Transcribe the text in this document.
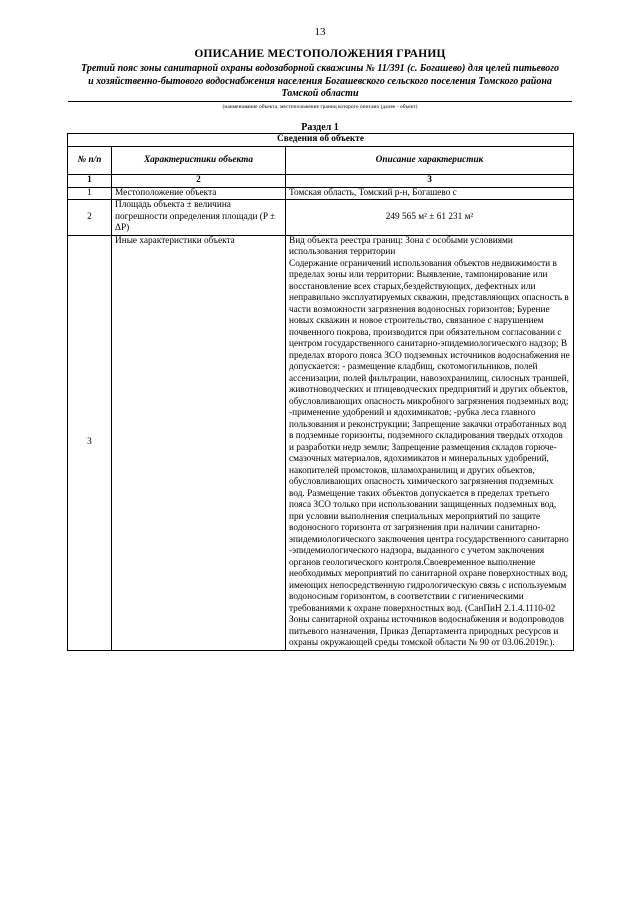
13
ОПИСАНИЕ МЕСТОПОЛОЖЕНИЯ ГРАНИЦ
Третий пояс зоны санитарной охраны водозаборной скважины № 11/391 (с. Богашево) для целей питьевого и хозяйственно-бытового водоснабжения населения Богашевского сельского поселения Томского района Томской области
(наименование объекта, местоположение границ которого описано (далее - объект)
Раздел 1
Сведения об объекте		
№ п/п	Характеристики объекта	Описание характеристик
1	2	3
1	Местоположение объекта	Томская область, Томский р-н, Богашево с
2	Площадь объекта ± величина погрешности определения площади (P ± ΔP)	249 565 м² ± 61 231 м²
3	Иные характеристики объекта	Вид объекта реестра границ: Зона с особыми условиями использования территории
Содержание ограничений использования объектов недвижимости в пределах зоны или территории: Выявление, тампонирование или восстановление всех старых,бездействующих, дефектных или неправильно эксплуатируемых скважин, представляющих опасность в части возможности загрязнения водоносных горизонтов; Бурение новых скважин и новое строительство, связанное с нарушением почвенного покрова, производится при обязательном согласовании с центром государственного санитарно-эпидемиологического надзор; В пределах второго пояса ЗСО подземных источников водоснабжения не допускается: - размещение кладбищ, скотомогильников, полей ассенизации, полей фильтрации, навозохранилищ, силосных траншей, животноводческих и птицеводческих предприятий и других объектов, обусловливающих опасность микробного загрязнения подземных вод; -применение удобрений и ядохимикатов; -рубка леса главного пользования и реконструкции; Запрещение закачки отработанных вод в подземные горизонты, подземного складирования твердых отходов и разработки недр земли; Запрещение размещения складов горюче-смазочных материалов, ядохимикатов и минеральных удобрений, накопителей промстоков, шламохранилищ и других объектов, обусловливающих опасность химического загрязнения подземных вод. Размещение таких объектов допускается в пределах третьего пояса ЗСО только при использовании защищенных подземных вод, при условии выполнения специальных мероприятий по защите водоносного горизонта от загрязнения при наличии санитарно-эпидемиологического заключения центра государственного санитарно -эпидемиологического надзора, выданного с учетом заключения органов геологического контроля.Своевременное выполнение необходимых мероприятий по санитарной охране поверхностных вод, имеющих непосредственную гидрологическую связь с используемым водоносным горизонтом, в соответствии с гигиеническими требованиями к охране поверхностных вод. (СанПиН 2.1.4.1110-02 Зоны санитарной охраны источников водоснабжения и водопроводов питьевого назначения, Приказ Департамента природных ресурсов и охраны окружающей среды томской области № 90 от 03.06.2019г.).
